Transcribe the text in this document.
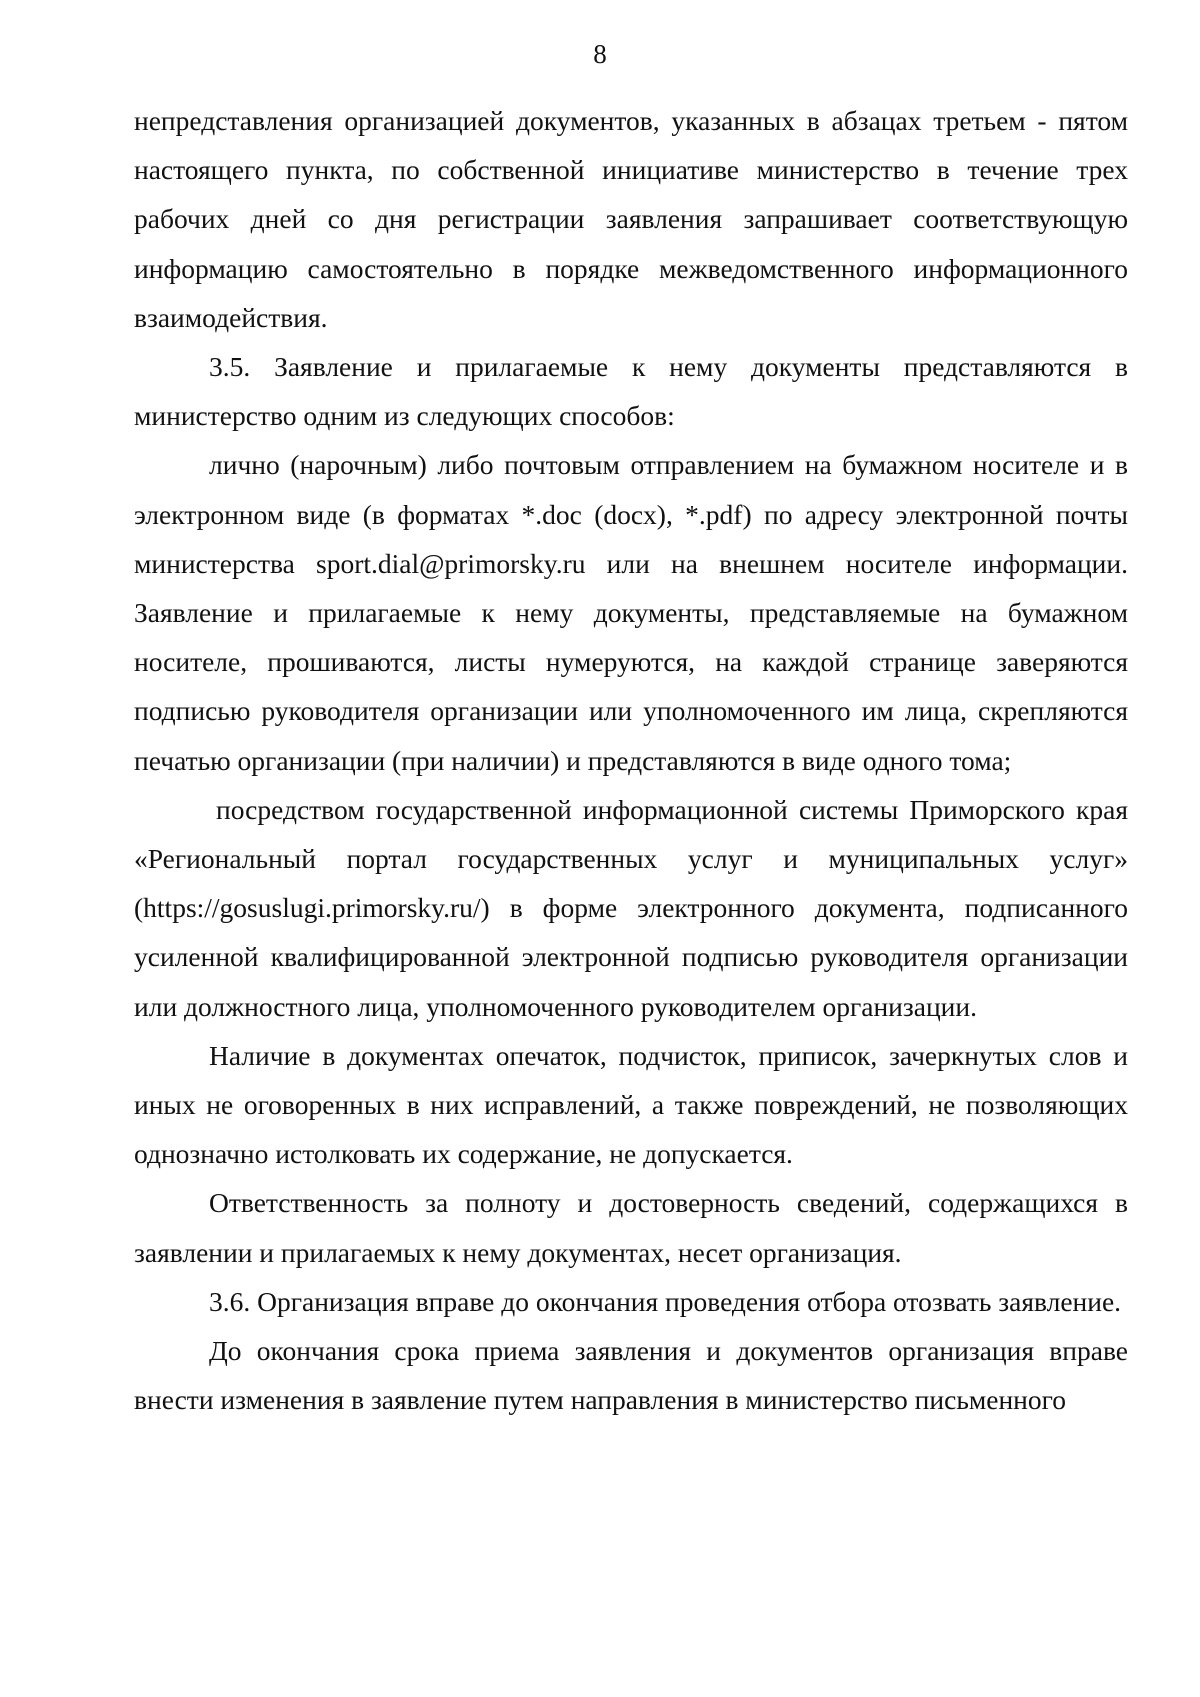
8

непредставления организацией документов, указанных в абзацах третьем - пятом настоящего пункта, по собственной инициативе министерство в течение трех рабочих дней со дня регистрации заявления запрашивает соответствующую информацию самостоятельно в порядке межведомственного информационного взаимодействия.

3.5. Заявление и прилагаемые к нему документы представляются в министерство одним из следующих способов:

лично (нарочным) либо почтовым отправлением на бумажном носителе и в электронном виде (в форматах *.doc (docx), *.pdf) по адресу электронной почты министерства sport.dial@primorsky.ru или на внешнем носителе информации. Заявление и прилагаемые к нему документы, представляемые на бумажном носителе, прошиваются, листы нумеруются, на каждой странице заверяются подписью руководителя организации или уполномоченного им лица, скрепляются печатью организации (при наличии) и представляются в виде одного тома;

посредством государственной информационной системы Приморского края «Региональный портал государственных услуг и муниципальных услуг» (https://gosuslugi.primorsky.ru/) в форме электронного документа, подписанного усиленной квалифицированной электронной подписью руководителя организации или должностного лица, уполномоченного руководителем организации.

Наличие в документах опечаток, подчисток, приписок, зачеркнутых слов и иных не оговоренных в них исправлений, а также повреждений, не позволяющих однозначно истолковать их содержание, не допускается.

Ответственность за полноту и достоверность сведений, содержащихся в заявлении и прилагаемых к нему документах, несет организация.

3.6. Организация вправе до окончания проведения отбора отозвать заявление.

До окончания срока приема заявления и документов организация вправе внести изменения в заявление путем направления в министерство письменного
